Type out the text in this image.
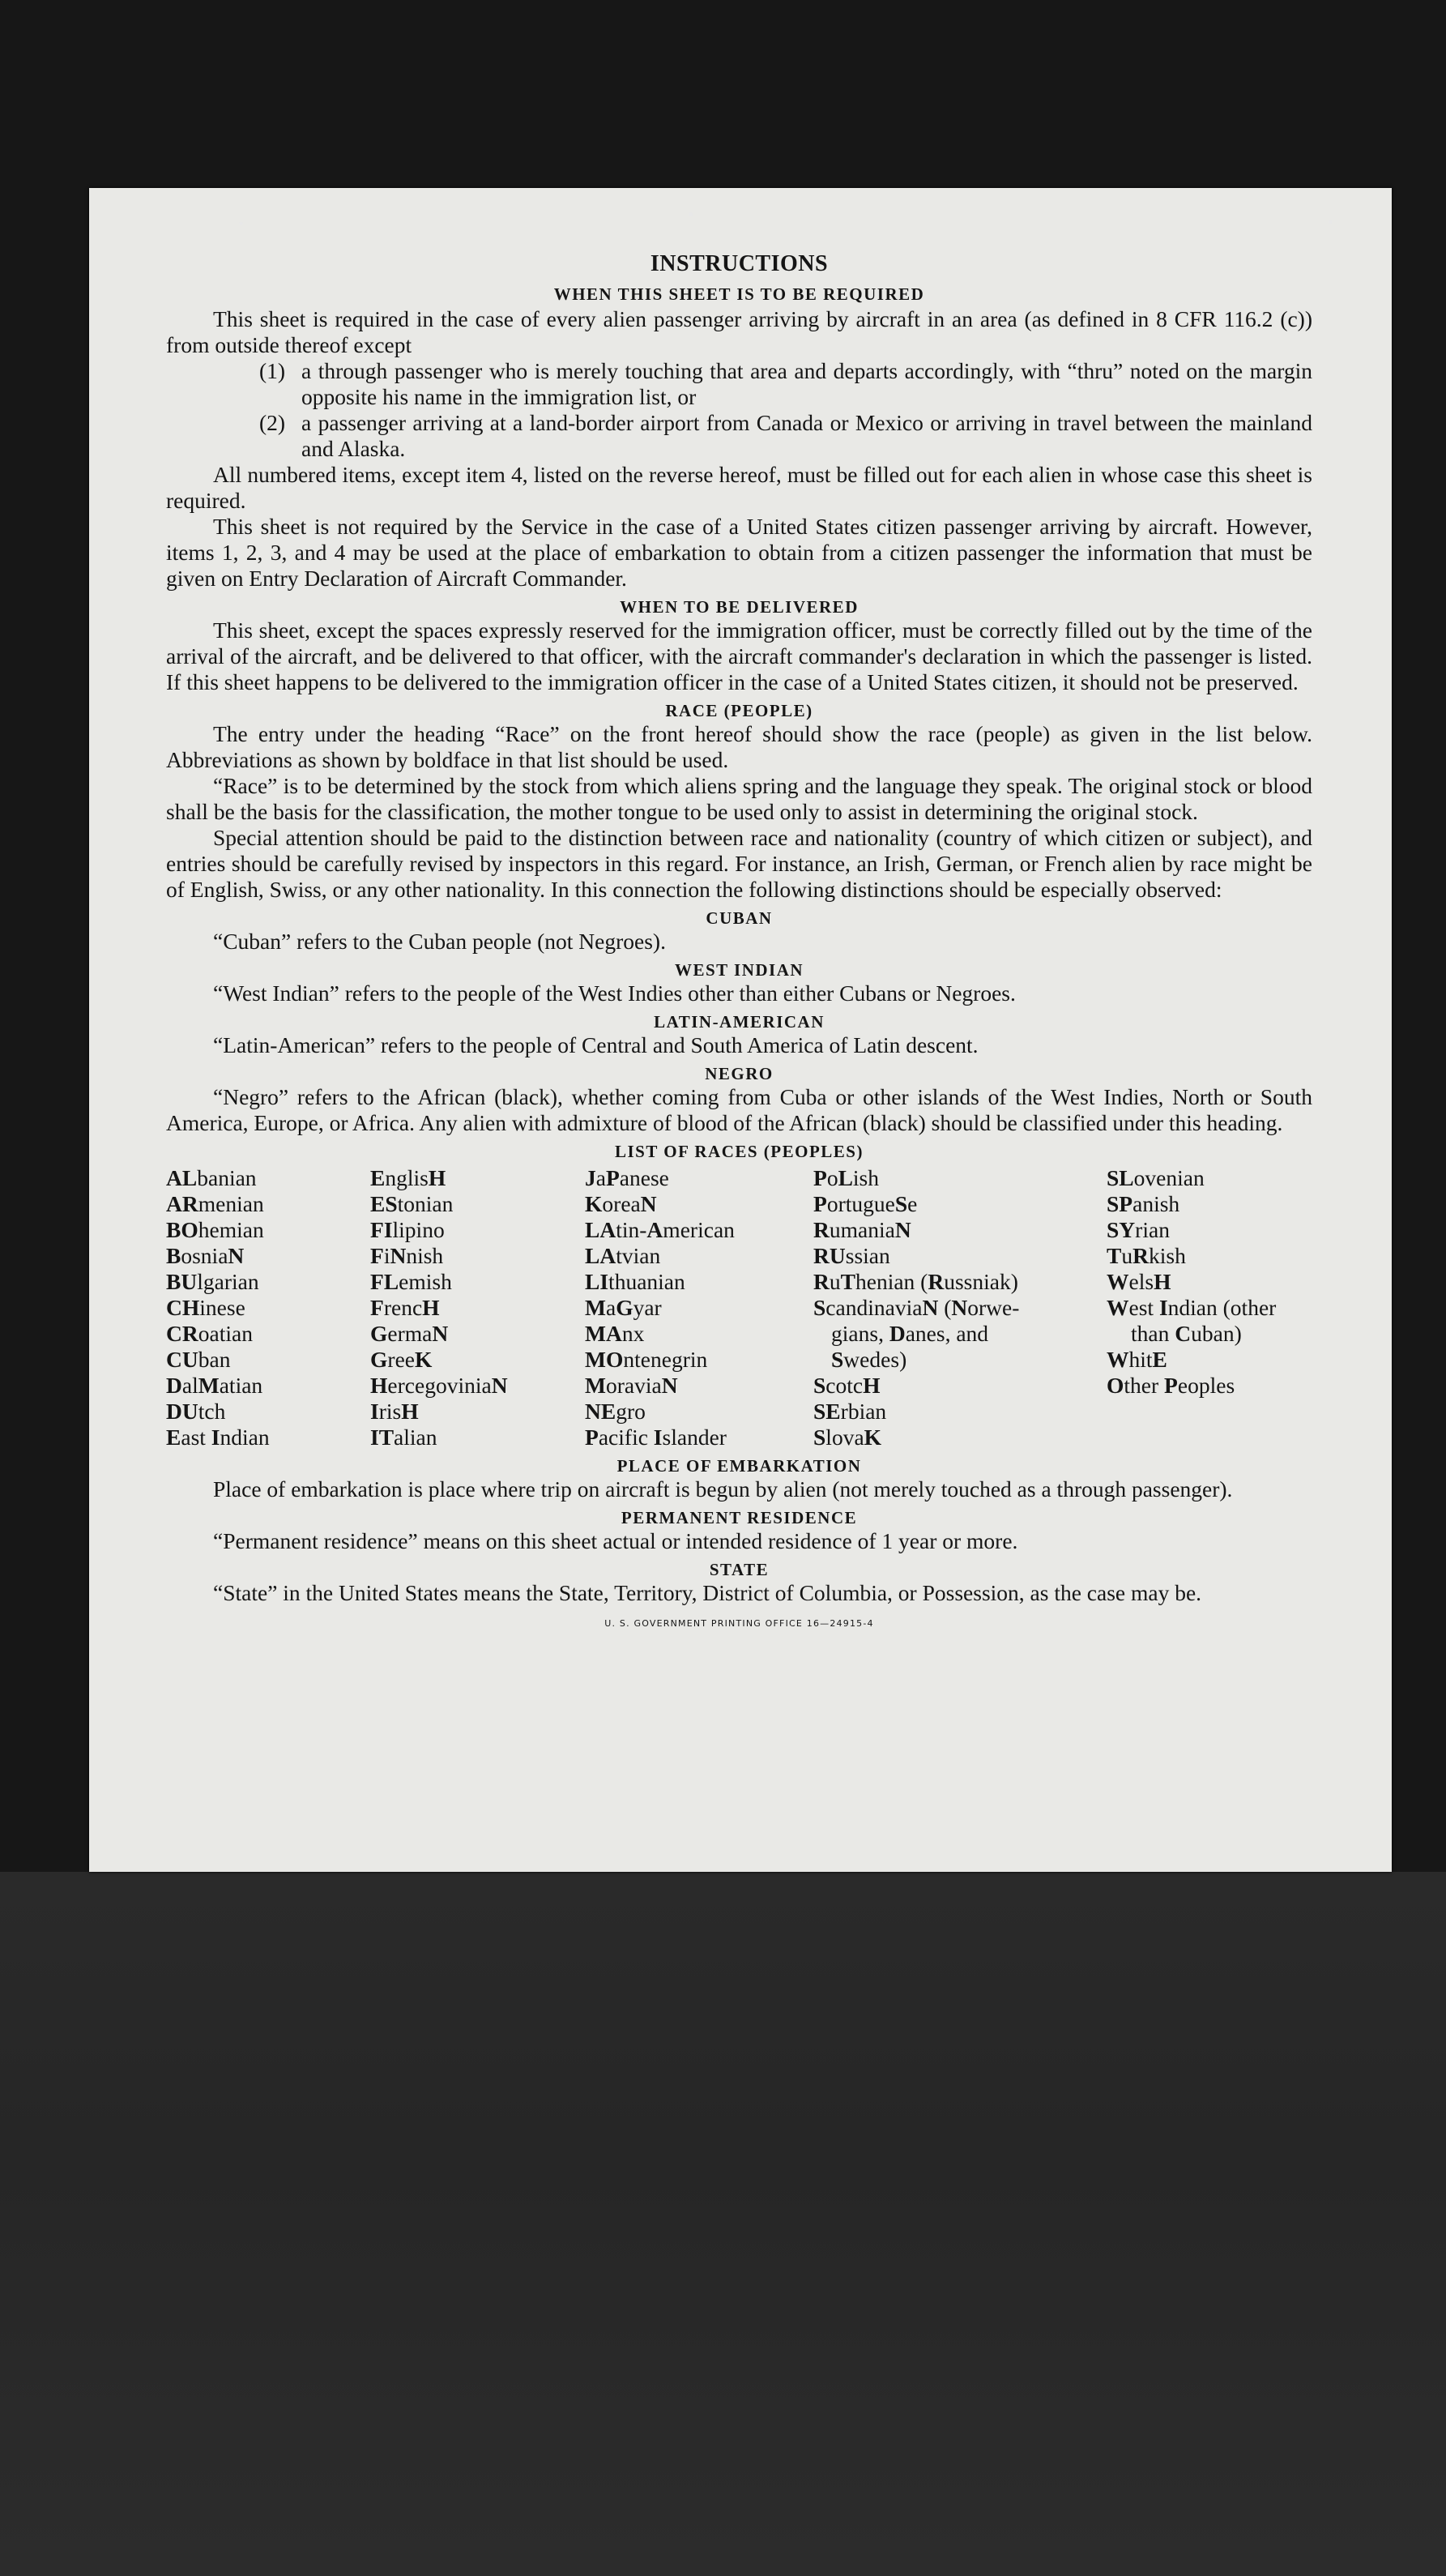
INSTRUCTIONS
WHEN THIS SHEET IS TO BE REQUIRED

This sheet is required in the case of every alien passenger arriving by aircraft in an area (as defined in 8 CFR 116.2 (c)) from outside thereof except

(1) a through passenger who is merely touching that area and departs accordingly, with “thru” noted on the margin opposite his name in the immigration list, or
(2) a passenger arriving at a land-border airport from Canada or Mexico or arriving in travel between the mainland and Alaska.

All numbered items, except item 4, listed on the reverse hereof, must be filled out for each alien in whose case this sheet is required.

This sheet is not required by the Service in the case of a United States citizen passenger arriving by aircraft. However, items 1, 2, 3, and 4 may be used at the place of embarkation to obtain from a citizen passenger the information that must be given on Entry Declaration of Aircraft Commander.

WHEN TO BE DELIVERED

This sheet, except the spaces expressly reserved for the immigration officer, must be correctly filled out by the time of the arrival of the aircraft, and be delivered to that officer, with the aircraft commander's declaration in which the passenger is listed. If this sheet happens to be delivered to the immigration officer in the case of a United States citizen, it should not be preserved.

RACE (PEOPLE)

The entry under the heading “Race” on the front hereof should show the race (people) as given in the list below. Abbreviations as shown by boldface in that list should be used.

“Race” is to be determined by the stock from which aliens spring and the language they speak. The original stock or blood shall be the basis for the classification, the mother tongue to be used only to assist in determining the original stock.

Special attention should be paid to the distinction between race and nationality (country of which citizen or subject), and entries should be carefully revised by inspectors in this regard. For instance, an Irish, German, or French alien by race might be of English, Swiss, or any other nationality. In this connection the following distinctions should be especially observed:

CUBAN

“Cuban” refers to the Cuban people (not Negroes).

WEST INDIAN

“West Indian” refers to the people of the West Indies other than either Cubans or Negroes.

LATIN-AMERICAN

“Latin-American” refers to the people of Central and South America of Latin descent.

NEGRO

“Negro” refers to the African (black), whether coming from Cuba or other islands of the West Indies, North or South America, Europe, or Africa. Any alien with admixture of blood of the African (black) should be classified under this heading.

LIST OF RACES (PEOPLES)
ALbanian
ARmenian
BOhemian
BosniaN
BUlgarian
CHinese
CRoatian
CUban
DalMatian
DUtch
East Indian
EnglisH
EStonian
FIlipino
FiNnish
FLemish
FrencH
GermaN
GreeK
HercegoviniaN
IrisH
ITalian
JaPanese
KoreaN
LAtin-American
LAtvian
LIthuanian
MaGyar
MAnx
MOntenegrin
MoraviaN
NEgro
Pacific Islander
PoLish
PortugueSe
RumaniaN
RUssian
RuThenian (Russniak)
ScandinaviaN (Norwe-
gians, Danes, and
Swedes)
ScotcH
SErbian
SlovaK
SLovenian
SPanish
SYrian
TuRkish
WelsH
West Indian (other
than Cuban)
WhitE
Other Peoples
PLACE OF EMBARKATION

Place of embarkation is place where trip on aircraft is begun by alien (not merely touched as a through passenger).

PERMANENT RESIDENCE

“Permanent residence” means on this sheet actual or intended residence of 1 year or more.

STATE

“State” in the United States means the State, Territory, District of Columbia, or Possession, as the case may be.

U. S. GOVERNMENT PRINTING OFFICE 16—24915-4
